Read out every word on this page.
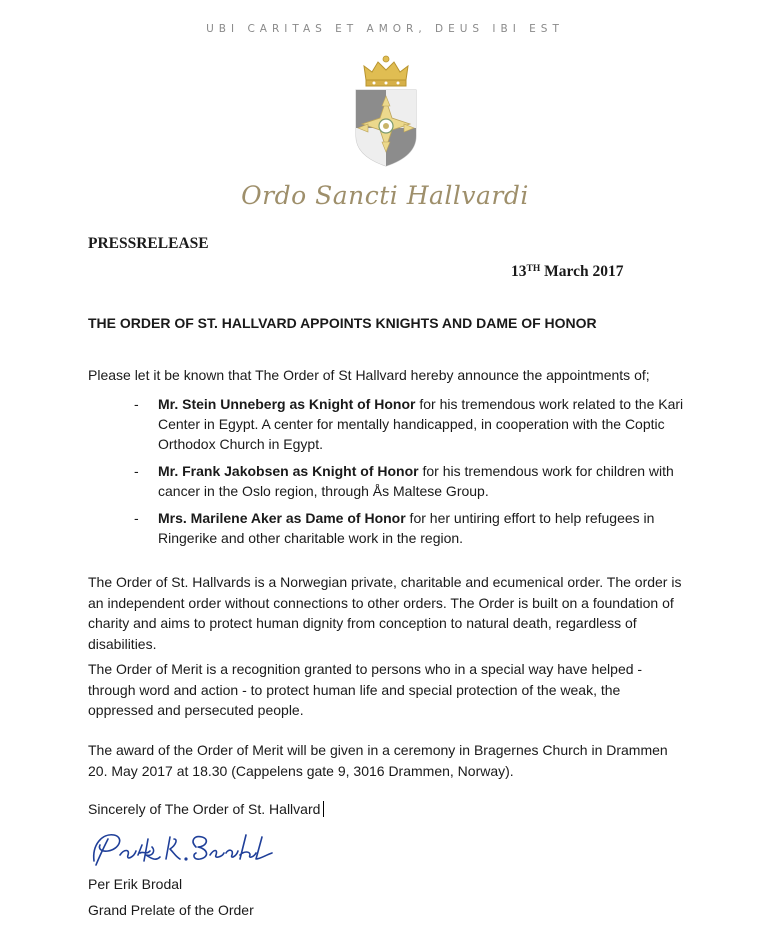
UBI CARITAS ET AMOR, DEUS IBI EST
Ordo Sancti Hallvardi
PRESSRELEASE
13TH March 2017
THE ORDER OF ST. HALLVARD APPOINTS KNIGHTS AND DAME OF HONOR
Please let it be known that The Order of St Hallvard hereby announce the appointments of;
- Mr. Stein Unneberg as Knight of Honor for his tremendous work related to the Kari Center in Egypt. A center for mentally handicapped, in cooperation with the Coptic Orthodox Church in Egypt.
- Mr. Frank Jakobsen as Knight of Honor for his tremendous work for children with cancer in the Oslo region, through Ås Maltese Group.
- Mrs. Marilene Aker as Dame of Honor for her untiring effort to help refugees in Ringerike and other charitable work in the region.

The Order of St. Hallvards is a Norwegian private, charitable and ecumenical order. The order is an independent order without connections to other orders. The Order is built on a foundation of charity and aims to protect human dignity from conception to natural death, regardless of disabilities.

The Order of Merit is a recognition granted to persons who in a special way have helped - through word and action - to protect human life and special protection of the weak, the oppressed and persecuted people.

The award of the Order of Merit will be given in a ceremony in Bragernes Church in Drammen 20. May 2017 at 18.30 (Cappelens gate 9, 3016 Drammen, Norway).

Sincerely of The Order of St. Hallvard
Per Erik Brodal
Grand Prelate of the Order
